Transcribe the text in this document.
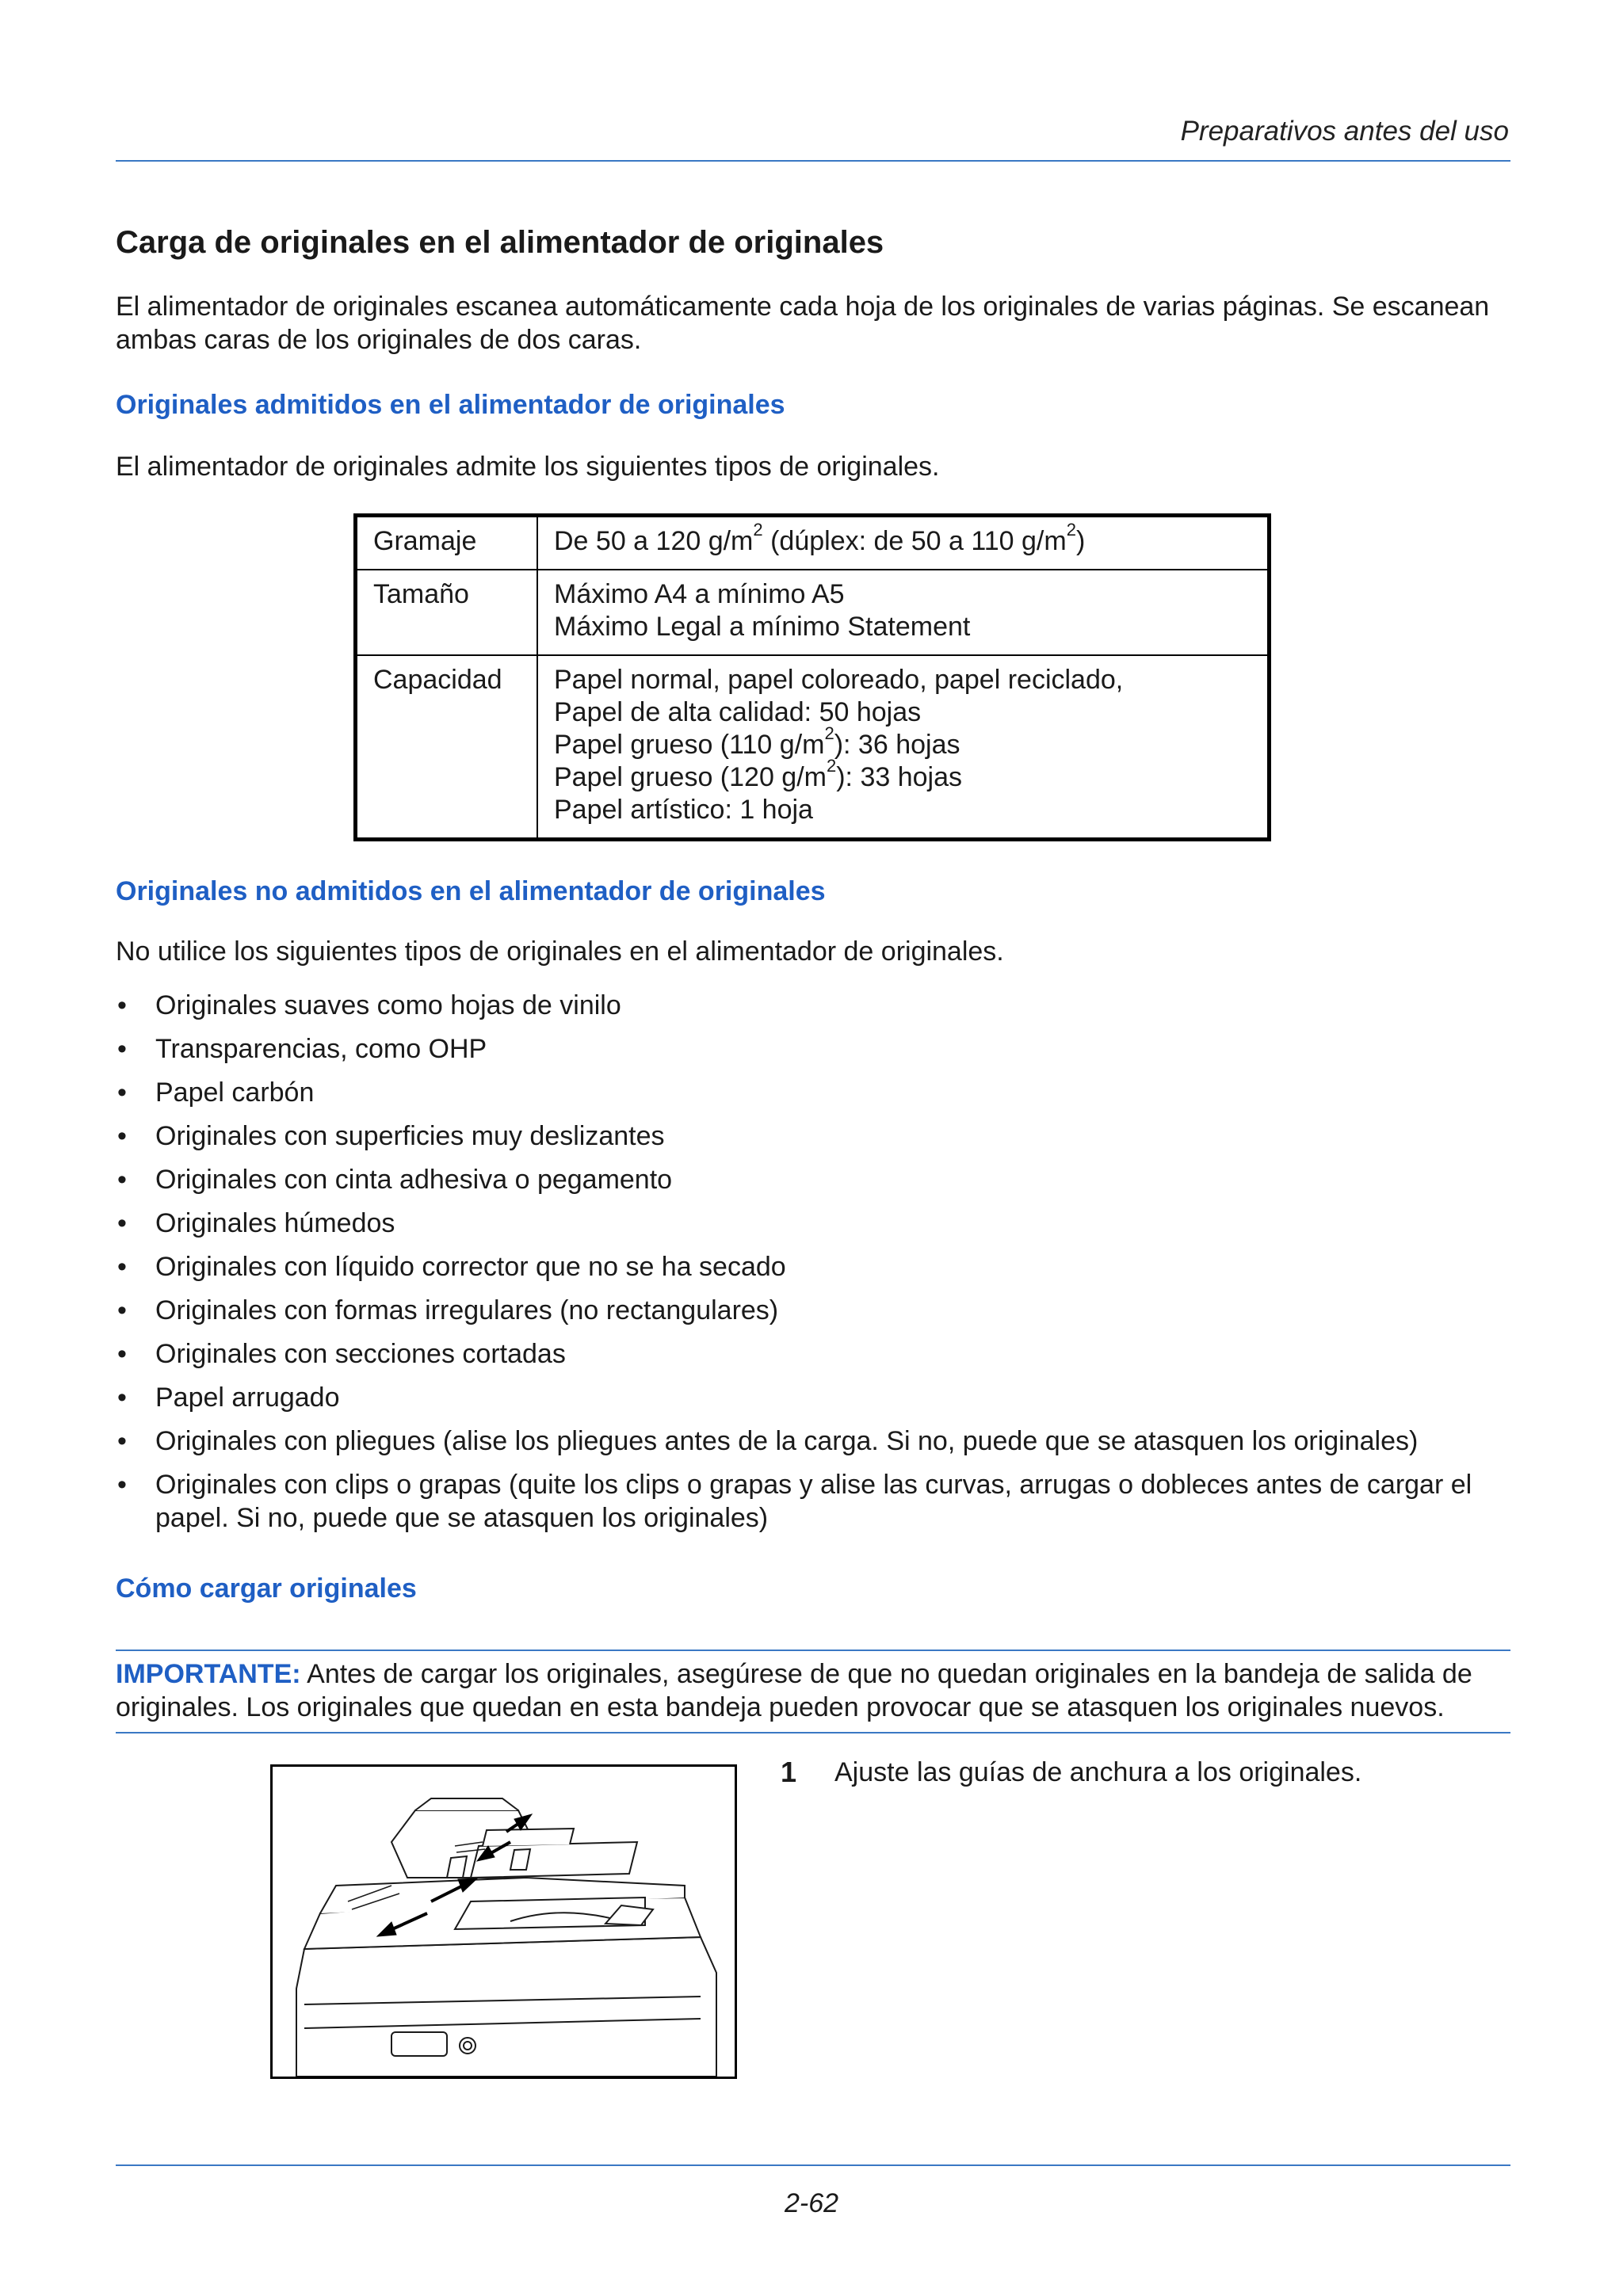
Preparativos antes del uso
Carga de originales en el alimentador de originales

El alimentador de originales escanea automáticamente cada hoja de los originales de varias páginas. Se escanean ambas caras de los originales de dos caras.

Originales admitidos en el alimentador de originales

El alimentador de originales admite los siguientes tipos de originales.

Gramaje	De 50 a 120 $g/m^2$ (dúplex: de 50 a 110 $g/m^2$)
Tamaño	Máximo A4 a mínimo A5
Máximo Legal a mínimo Statement

Capacidad	Papel normal, papel coloreado, papel reciclado,
Papel de alta calidad: 50 hojas
Papel grueso (110 $g/m^2$): 36 hojas
Papel grueso (120 $g/m^2$): 33 hojas
Papel artístico: 1 hoja
Originales no admitidos en el alimentador de originales

No utilice los siguientes tipos de originales en el alimentador de originales.

• Originales suaves como hojas de vinilo
• Transparencias, como OHP
• Papel carbón
• Originales con superficies muy deslizantes
• Originales con cinta adhesiva o pegamento
• Originales húmedos
• Originales con líquido corrector que no se ha secado
• Originales con formas irregulares (no rectangulares)
• Originales con secciones cortadas
• Papel arrugado
• Originales con pliegues (alise los pliegues antes de la carga. Si no, puede que se atasquen los originales)
• Originales con clips o grapas (quite los clips o grapas y alise las curvas, arrugas o dobleces antes de cargar el papel. Si no, puede que se atasquen los originales)
Cómo cargar originales
IMPORTANTE: Antes de cargar los originales, asegúrese de que no quedan originales en la bandeja de salida de originales. Los originales que quedan en esta bandeja pueden provocar que se atasquen los originales nuevos.
1 Ajuste las guías de anchura a los originales.
2-62
